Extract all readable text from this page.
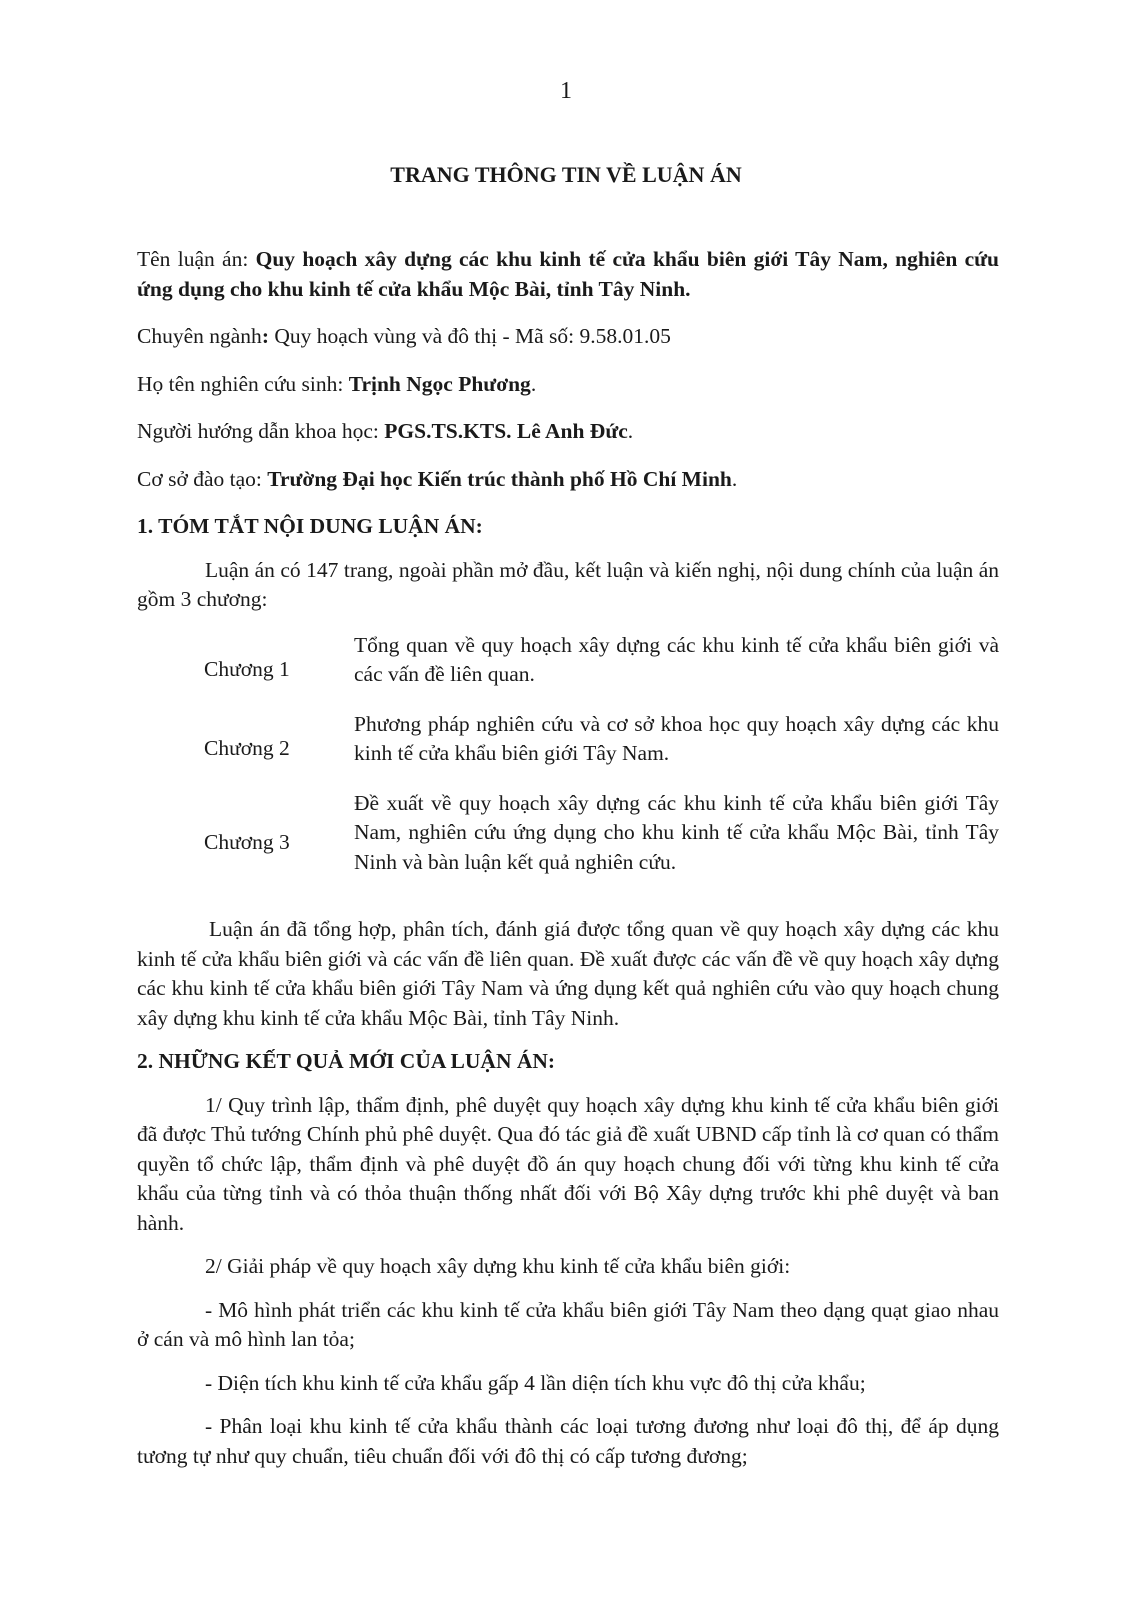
1
TRANG THÔNG TIN VỀ LUẬN ÁN

Tên luận án: Quy hoạch xây dựng các khu kinh tế cửa khẩu biên giới Tây Nam, nghiên cứu ứng dụng cho khu kinh tế cửa khẩu Mộc Bài, tỉnh Tây Ninh.

Chuyên ngành: Quy hoạch vùng và đô thị - Mã số: 9.58.01.05

Họ tên nghiên cứu sinh: Trịnh Ngọc Phương.

Người hướng dẫn khoa học: PGS.TS.KTS. Lê Anh Đức.

Cơ sở đào tạo: Trường Đại học Kiến trúc thành phố Hồ Chí Minh.

1. TÓM TẮT NỘI DUNG LUẬN ÁN:

Luận án có 147 trang, ngoài phần mở đầu, kết luận và kiến nghị, nội dung chính của luận án gồm 3 chương:

Chương 1	Tổng quan về quy hoạch xây dựng các khu kinh tế cửa khẩu biên giới và các vấn đề liên quan.
Chương 2	Phương pháp nghiên cứu và cơ sở khoa học quy hoạch xây dựng các khu kinh tế cửa khẩu biên giới Tây Nam.
Chương 3	Đề xuất về quy hoạch xây dựng các khu kinh tế cửa khẩu biên giới Tây Nam, nghiên cứu ứng dụng cho khu kinh tế cửa khẩu Mộc Bài, tỉnh Tây Ninh và bàn luận kết quả nghiên cứu.

Luận án đã tổng hợp, phân tích, đánh giá được tổng quan về quy hoạch xây dựng các khu kinh tế cửa khẩu biên giới và các vấn đề liên quan. Đề xuất được các vấn đề về quy hoạch xây dựng các khu kinh tế cửa khẩu biên giới Tây Nam và ứng dụng kết quả nghiên cứu vào quy hoạch chung xây dựng khu kinh tế cửa khẩu Mộc Bài, tỉnh Tây Ninh.

2. NHỮNG KẾT QUẢ MỚI CỦA LUẬN ÁN:

1/ Quy trình lập, thẩm định, phê duyệt quy hoạch xây dựng khu kinh tế cửa khẩu biên giới đã được Thủ tướng Chính phủ phê duyệt. Qua đó tác giả đề xuất UBND cấp tỉnh là cơ quan có thẩm quyền tổ chức lập, thẩm định và phê duyệt đồ án quy hoạch chung đối với từng khu kinh tế cửa khẩu của từng tỉnh và có thỏa thuận thống nhất đối với Bộ Xây dựng trước khi phê duyệt và ban hành.

2/ Giải pháp về quy hoạch xây dựng khu kinh tế cửa khẩu biên giới:

- Mô hình phát triển các khu kinh tế cửa khẩu biên giới Tây Nam theo dạng quạt giao nhau ở cán và mô hình lan tỏa;

- Diện tích khu kinh tế cửa khẩu gấp 4 lần diện tích khu vực đô thị cửa khẩu;

- Phân loại khu kinh tế cửa khẩu thành các loại tương đương như loại đô thị, để áp dụng tương tự như quy chuẩn, tiêu chuẩn đối với đô thị có cấp tương đương;
